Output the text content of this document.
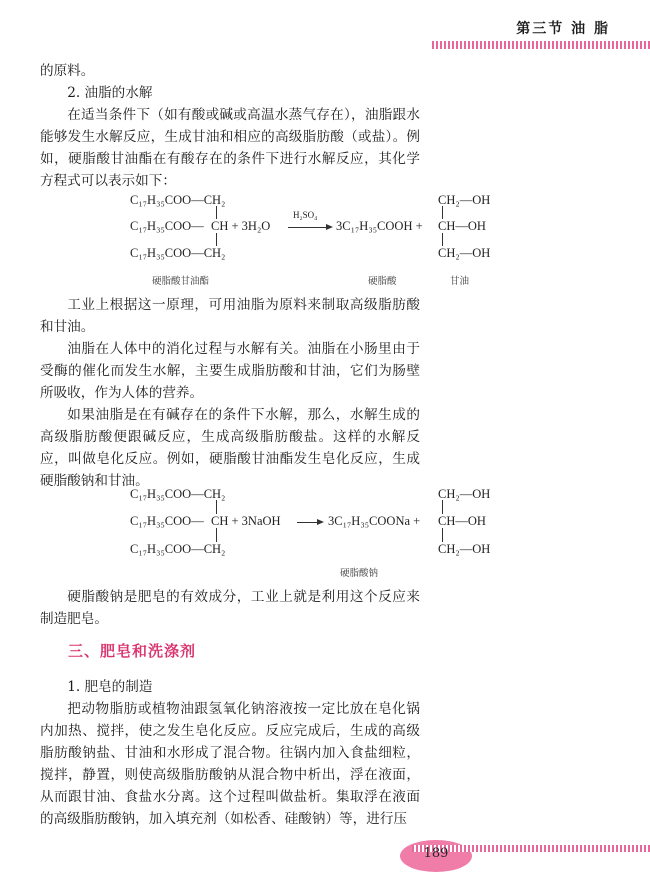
第三节 油 脂

的原料。

2. 油脂的水解

在适当条件下（如有酸或碱或高温水蒸气存在），油脂跟水能够发生水解反应，生成甘油和相应的高级脂肪酸（或盐）。例如，硬脂酸甘油酯在有酸存在的条件下进行水解反应，其化学方程式可以表示如下：

C₁₇H₃₅COO—CH₂
C₁₇H₃₅COO— CH + 3H₂O
C₁₇H₃₅COO—CH₂
H₂SO₄
3C₁₇H₃₅COOH +
CH₂—OH
CH—OH
CH₂—OH
硬脂酸甘油酯	硬脂酸	甘油

工业上根据这一原理，可用油脂为原料来制取高级脂肪酸和甘油。

油脂在人体中的消化过程与水解有关。油脂在小肠里由于受酶的催化而发生水解，主要生成脂肪酸和甘油，它们为肠壁所吸收，作为人体的营养。

如果油脂是在有碱存在的条件下水解，那么，水解生成的高级脂肪酸便跟碱反应，生成高级脂肪酸盐。这样的水解反应，叫做皂化反应。例如，硬脂酸甘油酯发生皂化反应，生成硬脂酸钠和甘油。

C₁₇H₃₅COO—CH₂
C₁₇H₃₅COO— CH + 3NaOH
C₁₇H₃₅COO—CH₂
3C₁₇H₃₅COONa +
CH₂—OH
CH—OH
CH₂—OH
硬脂酸钠

硬脂酸钠是肥皂的有效成分，工业上就是利用这个反应来制造肥皂。

三、肥皂和洗涤剂

1. 肥皂的制造

把动物脂肪或植物油跟氢氧化钠溶液按一定比放在皂化锅内加热、搅拌，使之发生皂化反应。反应完成后，生成的高级脂肪酸钠盐、甘油和水形成了混合物。往锅内加入食盐细粒，搅拌，静置，则使高级脂肪酸钠从混合物中析出，浮在液面，从而跟甘油、食盐水分离。这个过程叫做盐析。集取浮在液面的高级脂肪酸钠，加入填充剂（如松香、硅酸钠）等，进行压

189
